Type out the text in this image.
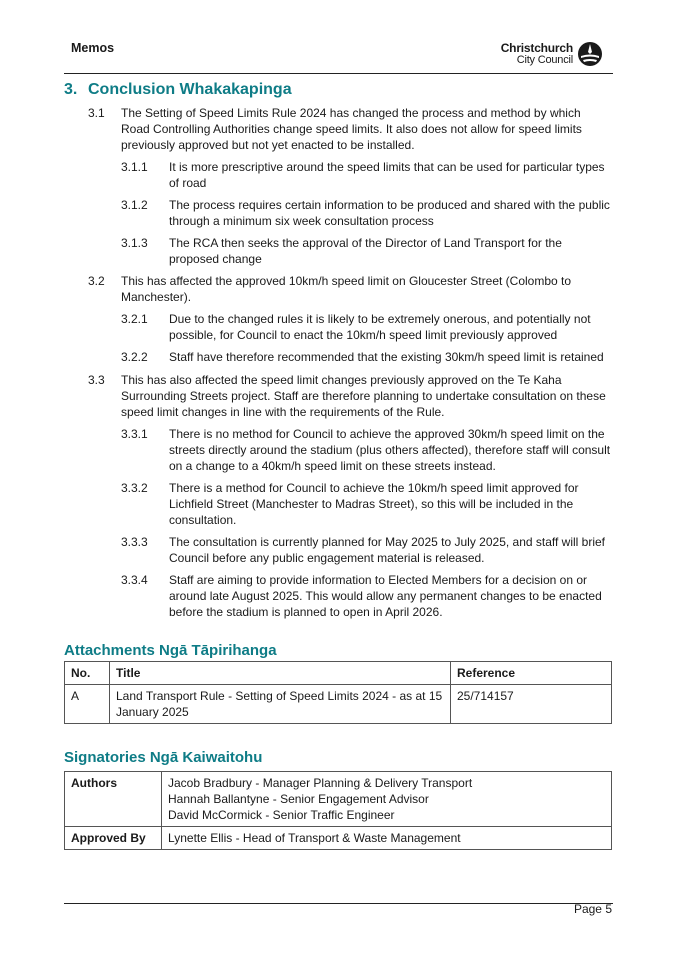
Memos	Christchurch
City Council
3. Conclusion Whakakapinga
3.1 The Setting of Speed Limits Rule 2024 has changed the process and method by which Road Controlling Authorities change speed limits. It also does not allow for speed limits previously approved but not yet enacted to be installed.
3.1.1 It is more prescriptive around the speed limits that can be used for particular types of road
3.1.2 The process requires certain information to be produced and shared with the public through a minimum six week consultation process
3.1.3 The RCA then seeks the approval of the Director of Land Transport for the proposed change
3.2 This has affected the approved 10km/h speed limit on Gloucester Street (Colombo to Manchester).
3.2.1 Due to the changed rules it is likely to be extremely onerous, and potentially not possible, for Council to enact the 10km/h speed limit previously approved
3.2.2 Staff have therefore recommended that the existing 30km/h speed limit is retained
3.3 This has also affected the speed limit changes previously approved on the Te Kaha Surrounding Streets project. Staff are therefore planning to undertake consultation on these speed limit changes in line with the requirements of the Rule.
3.3.1 There is no method for Council to achieve the approved 30km/h speed limit on the streets directly around the stadium (plus others affected), therefore staff will consult on a change to a 40km/h speed limit on these streets instead.
3.3.2 There is a method for Council to achieve the 10km/h speed limit approved for Lichfield Street (Manchester to Madras Street), so this will be included in the consultation.
3.3.3 The consultation is currently planned for May 2025 to July 2025, and staff will brief Council before any public engagement material is released.
3.3.4 Staff are aiming to provide information to Elected Members for a decision on or around late August 2025. This would allow any permanent changes to be enacted before the stadium is planned to open in April 2026.
Attachments Ngā Tāpirihanga
No.	Title	Reference
A	Land Transport Rule - Setting of Speed Limits 2024 - as at 15 January 2025	25/714157
Signatories Ngā Kaiwaitohu
Authors	Jacob Bradbury - Manager Planning & Delivery Transport
Hannah Ballantyne - Senior Engagement Advisor
David McCormick - Senior Traffic Engineer

Approved By	Lynette Ellis - Head of Transport & Waste Management
Page 5
